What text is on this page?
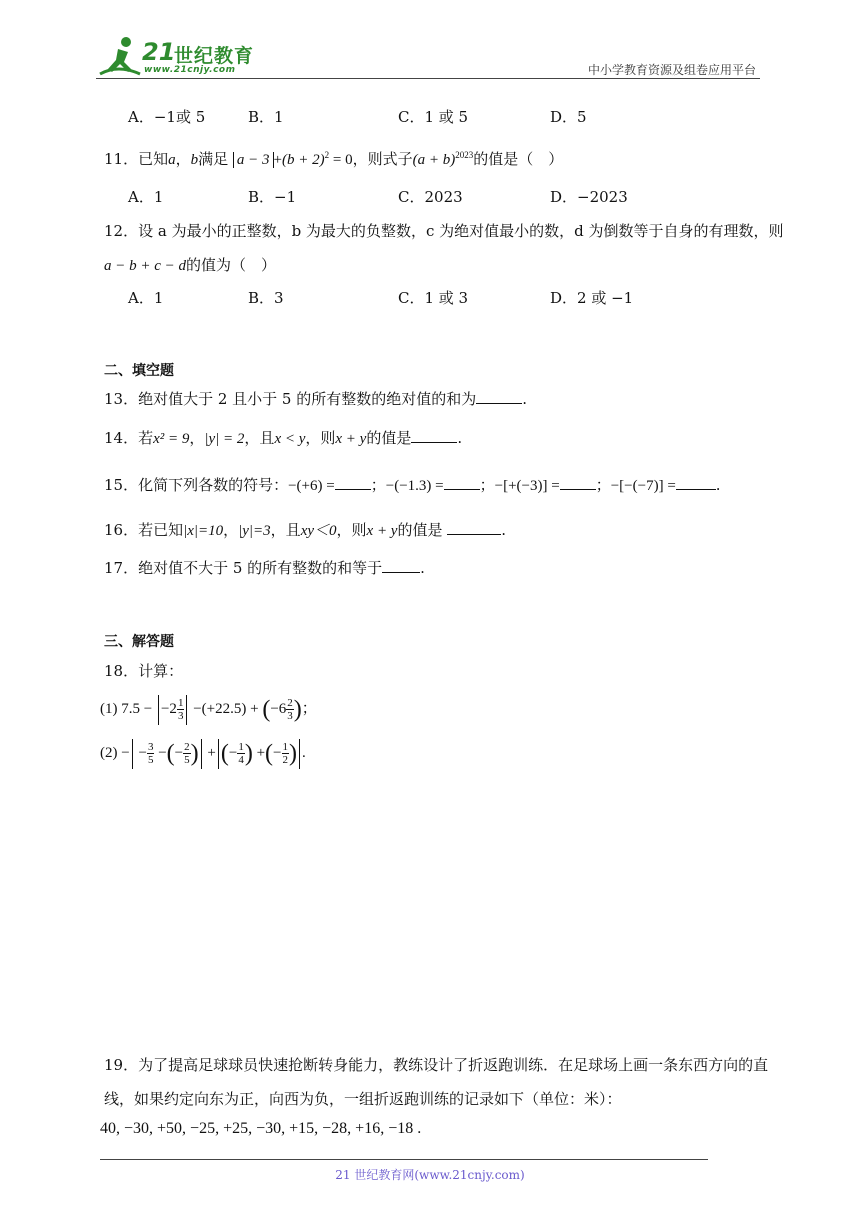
21
世纪教育
www.21cnjy.com	中小学教育资源及组卷应用平台
A．−1或 5	B．1	C．1 或 5	D．5
11．已知a，b满足 $a - 3 +(b + 2)^2 = 0$，则式子$(a + b)^{2023}$的值是（　）
A．1	B．−1	C．2023	D．−2023
12．设 a 为最小的正整数，b 为最大的负整数，c 为绝对值最小的数，d 为倒数等于自身的有理数，则
a − b + c − d的值为（　）
A．1	B．3	C．1 或 3	D．2 或 −1
二、填空题
13．绝对值大于 2 且小于 5 的所有整数的绝对值的和为	.
14．若x² = 9，|y| = 2，且x < y，则x + y的值是	.
15．化简下列各数的符号：−(+6) = ；−(−1.3) = ；−[+(−3)] = ；−[−(−7)] =	.
16．若已知|x|=10，|y|=3，且xy＜0，则x + y的值是	.
17．绝对值不大于 5 的所有整数的和等于	.
三、解答题
18．计算：
(1) $7.5 - -2 \frac{1}{3} -(+22.5) + (-6 \frac{2}{3}$ )；
(2) − − $\frac{3}{5}$ −(− $\frac{2}{5}$ ) + (− $\frac{1}{4}$ ) +(− $\frac{1}{2}$ ) .
19．为了提高足球球员快速抢断转身能力，教练设计了折返跑训练．在足球场上画一条东西方向的直
线，如果约定向东为正，向西为负，一组折返跑训练的记录如下（单位：米）：
40, −30, +50, −25, +25, −30, +15, −28, +16, −18 .
21 世纪教育网(www.21cnjy.com)
